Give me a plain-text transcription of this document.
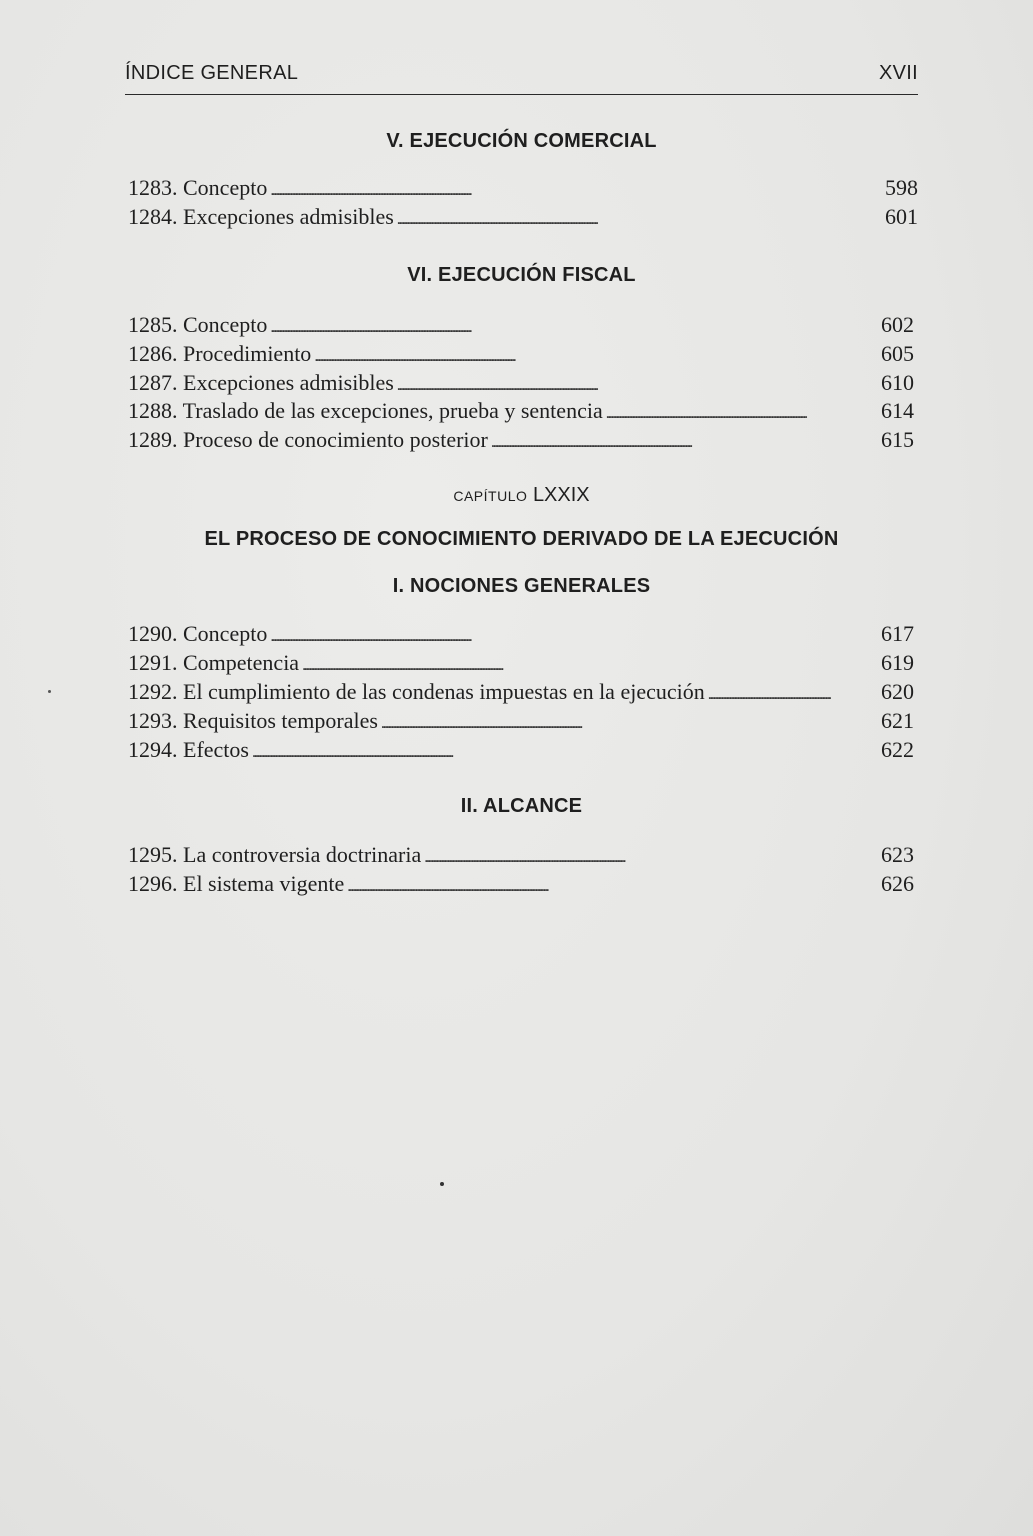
ÍNDICE GENERAL	XVII
V. EJECUCIÓN COMERCIAL
1283. Concepto . . .	598
1284. Excepciones admisibles . . .	601
VI. EJECUCIÓN FISCAL
1285. Concepto . . .	602
1286. Procedimiento . . .	605
1287. Excepciones admisibles . . .	610
1288. Traslado de las excepciones, prueba y sentencia . . .	614
1289. Proceso de conocimiento posterior . . .	615
CAPÍTULO LXXIX
EL PROCESO DE CONOCIMIENTO DERIVADO DE LA EJECUCIÓN
I. NOCIONES GENERALES
1290. Concepto . . .	617
1291. Competencia . . .	619
1292. El cumplimiento de las condenas impuestas en la ejecución . . .	620
1293. Requisitos temporales . . .	621
1294. Efectos . . .	622
II. ALCANCE
1295. La controversia doctrinaria . . .	623
1296. El sistema vigente . . .	626
